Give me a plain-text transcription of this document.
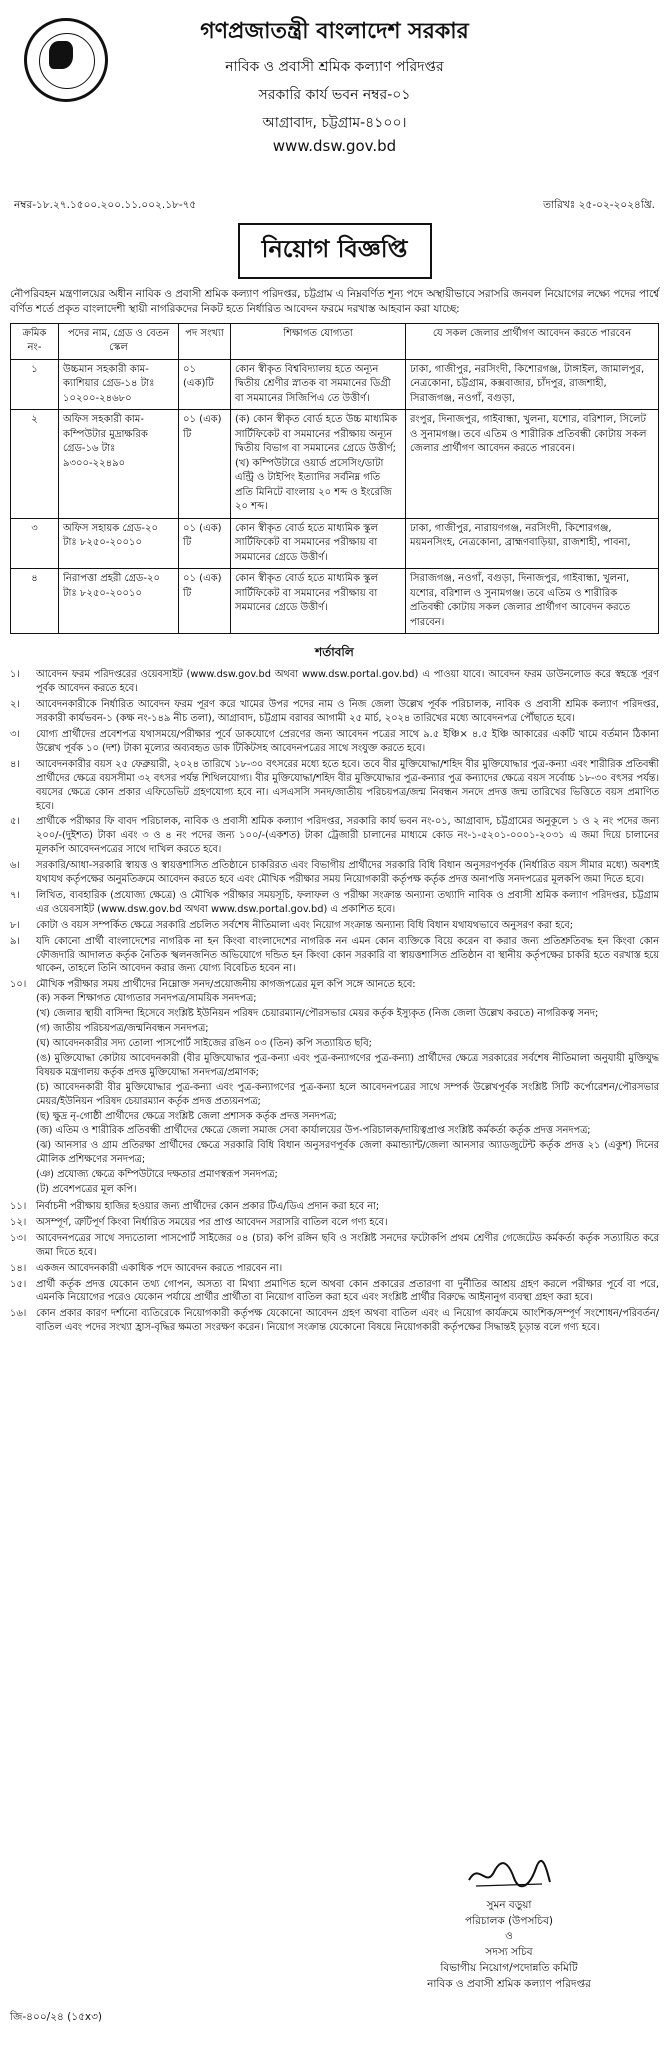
গণপ্রজাতন্ত্রী বাংলাদেশ সরকার
নাবিক ও প্রবাসী শ্রমিক কল্যাণ পরিদপ্তর
সরকারি কার্য ভবন নম্বর-০১
আগ্রাবাদ, চট্টগ্রাম-৪১০০।
www.dsw.gov.bd
নম্বর-১৮.২৭.১৫০০.২০০.১১.০০২.১৮-৭৫	তারিখঃ ২৫-০২-২০২৪খ্রি.
নিয়োগ বিজ্ঞপ্তি
নৌপরিবহন মন্ত্রণালয়ের অধীন নাবিক ও প্রবাসী শ্রমিক কল্যাণ পরিদপ্তর, চট্টগ্রাম এ নিম্নবর্ণিত শূন্য পদে অস্থায়ীভাবে সরাসরি জনবল নিয়োগের লক্ষ্যে পদের পার্শ্বে বর্ণিত শর্তে প্রকৃত বাংলাদেশী স্থায়ী নাগরিকদের নিকট হতে নির্ধারিত আবেদন ফরমে দরখাস্ত আহবান করা যাচ্ছে:
ক্রমিক নং-	পদের নাম, গ্রেড ও বেতন স্কেল	পদ সংখ্যা	শিক্ষাগত যোগ্যতা	যে সকল জেলার প্রার্থীগণ আবেদন করতে পারবেন
১	উচ্চমান সহকারী কাম-ক্যাশিয়ার গ্রেড-১৪ টাঃ ১০২০০-২৪৬৮০	০১ (এক)টি	কোন স্বীকৃত বিশ্ববিদ্যালয় হতে অন্যূন দ্বিতীয় শ্রেণীর স্নাতক বা সমমানের ডিগ্রী বা সমমানের সিজিপিএ তে উত্তীর্ণ।	ঢাকা, গাজীপুর, নরসিংদী, কিশোরগঞ্জ, টাঙ্গাইল, জামালপুর, নেত্রকোনা, চট্টগ্রাম, কক্সবাজার, চাঁদপুর, রাজশাহী, সিরাজগঞ্জ, নওগাঁ, বগুড়া,
২	অফিস সহকারী কাম-কম্পিউটার মুদ্রাক্ষরিক গ্রেড-১৬ টাঃ ৯৩০০-২২৪৯০	০১ (এক) টি	(ক) কোন স্বীকৃত বোর্ড হতে উচ্চ মাধ্যমিক সার্টিফিকেট বা সমমানের পরীক্ষায় অন্যূন দ্বিতীয় বিভাগ বা সমমানের গ্রেডে উত্তীর্ণ; (খ) কম্পিউটারে ওয়ার্ড প্রসেসিং/ডাটা এন্ট্রি ও টাইপিং ইত্যাদির সর্বনিম্ন গতি প্রতি মিনিটে বাংলায় ২০ শব্দ ও ইংরেজি ২০ শব্দ।	রংপুর, দিনাজপুর, গাইবান্ধা, খুলনা, যশোর, বরিশাল, সিলেট ও সুনামগঞ্জ। তবে এতিম ও শারীরিক প্রতিবন্ধী কোটায় সকল জেলার প্রার্থীগণ আবেদন করতে পারবেন।
৩	অফিস সহায়ক গ্রেড-২০ টাঃ ৮২৫০-২০০১০	০১ (এক) টি	কোন স্বীকৃত বোর্ড হতে মাধ্যমিক স্কুল সার্টিফিকেট বা সমমানের পরীক্ষায় বা সমমানের গ্রেডে উত্তীর্ণ।	ঢাকা, গাজীপুর, নারায়ণগঞ্জ, নরসিংদী, কিশোরগঞ্জ, ময়মনসিংহ, নেত্রকোনা, ব্রাহ্মণবাড়িয়া, রাজশাহী, পাবনা,
৪	নিরাপত্তা প্রহরী গ্রেড-২০ টাঃ ৮২৫০-২০০১০	০১ (এক) টি	কোন স্বীকৃত বোর্ড হতে মাধ্যমিক স্কুল সার্টিফিকেট বা সমমানের পরীক্ষায় বা সমমানের গ্রেডে উত্তীর্ণ।	সিরাজগঞ্জ, নওগাঁ, বগুড়া, দিনাজপুর, গাইবান্ধা, খুলনা, যশোর, বরিশাল ও সুনামগঞ্জ। তবে এতিম ও শারীরিক প্রতিবন্ধী কোটায় সকল জেলার প্রার্থীগণ আবেদন করতে পারবেন।
শর্তাবলি
১।	আবেদন ফরম পরিদপ্তরের ওয়েবসাইট (www.dsw.gov.bd অথবা www.dsw.portal.gov.bd) এ পাওয়া যাবে। আবেদন ফরম ডাউনলোড করে স্বহস্তে পূরণ পূর্বক আবেদন করতে হবে।
২।	আবেদনকারীকে নির্ধারিত আবেদন ফরম পূরণ করে খামের উপর পদের নাম ও নিজ জেলা উল্লেখ পূর্বক পরিচালক, নাবিক ও প্রবাসী শ্রমিক কল্যাণ পরিদপ্তর, সরকারী কার্যভবন-১ (কক্ষ নং-১৪৯ নীচ তলা), আগ্রাবাদ, চট্টগ্রাম বরাবর আগামী ২৫ মার্চ, ২০২৪ তারিখের মধ্যে আবেদনপত্র পৌঁছাতে হবে।
৩।	যোগ্য প্রার্থীদের প্রবেশপত্র যথাসময়ে/পরীক্ষার পূর্বে ডাকযোগে প্রেরণের জন্য আবেদন পত্রের সাথে ৯.৫ ইঞ্চি× ৪.৫ ইঞ্চি আকারের একটি খামে বর্তমান ঠিকানা উল্লেখ পূর্বক ১০ (দশ) টাকা মূল্যের অব্যবহৃত ডাক টিকিটসহ আবেদনপত্রের সাথে সংযুক্ত করতে হবে।
৪।	আবেদনকারীর বয়স ২৫ ফেব্রুয়ারী, ২০২৪ তারিখে ১৮-৩০ বৎসরের মধ্যে হতে হবে। তবে বীর মুক্তিযোদ্ধা/শহিদ বীর মুক্তিযোদ্ধার পুত্র-কন্যা এবং শারীরিক প্রতিবন্ধী প্রার্থীদের ক্ষেত্রে বয়সসীমা ৩২ বৎসর পর্যন্ত শিথিলযোগ্য। বীর মুক্তিযোদ্ধা/শহিদ বীর মুক্তিযোদ্ধার পুত্র-কন্যার পুত্র কন্যাদের ক্ষেত্রে বয়স সর্বোচ্চ ১৮-৩০ বৎসর পর্যন্ত। বয়সের ক্ষেত্রে কোন প্রকার এফিডেভিট গ্রহণযোগ্য হবে না। এসএসসি সনদ/জাতীয় পরিচয়পত্র/জন্ম নিবন্ধন সনদে প্রদত্ত জন্ম তারিখের ভিত্তিতে বয়স প্রমাণিত হবে।
৫।	প্রার্থীকে পরীক্ষার ফি বাবদ পরিচালক, নাবিক ও প্রবাসী শ্রমিক কল্যাণ পরিদপ্তর, সরকারি কার্য ভবন নং-০১, আগ্রাবাদ, চট্টগ্রামের অনুকূলে ১ ও ২ নং পদের জন্য ২০০/-(দুইশত) টাকা এবং ৩ ও ৪ নং পদের জন্য ১০০/-(একশত) টাকা ট্রেজারী চালানের মাধ্যমে কোড নং-১-৫২০১-০০০১-২০৩১ এ জমা দিয়ে চালানের মূলকপি আবেদনপত্রের সাথে দাখিল করতে হবে।
৬।	সরকারি/আধা-সরকারি স্বায়ত্ত ও স্বায়ত্তশাসিত প্রতিষ্ঠানে চাকরিরত এবং বিভাগীয় প্রার্থীদের সরকারি বিধি বিধান অনুসরণপূর্বক (নির্ধারিত বয়স সীমার মধ্যে) অবশ্যই যথাযথ কর্তৃপক্ষের অনুমতিক্রমে আবেদন করতে হবে এবং মৌখিক পরীক্ষার সময় নিয়োগকারী কর্তৃপক্ষ কর্তৃক প্রদত্ত অনাপত্তি সনদপত্রের মূলকপি জমা দিতে হবে।
৭।	লিখিত, ব্যবহারিক (প্রযোজ্য ক্ষেত্রে) ও মৌখিক পরীক্ষার সময়সূচি, ফলাফল ও পরীক্ষা সংক্রান্ত অন্যান্য তথ্যাদি নাবিক ও প্রবাসী শ্রমিক কল্যাণ পরিদপ্তর, চট্টগ্রাম এর ওয়েবসাইট (www.dsw.gov.bd অথবা www.dsw.portal.gov.bd) এ প্রকাশিত হবে।
৮।	কোটা ও বয়স সম্পর্কিত ক্ষেত্রে সরকারি প্রচলিত সর্বশেষ নীতিমালা এবং নিয়োগ সংক্রান্ত অন্যান্য বিধি বিধান যথাযথভাবে অনুসরণ করা হবে;
৯।	যদি কোনো প্রার্থী বাংলাদেশের নাগরিক না হন কিংবা বাংলাদেশের নাগরিক নন এমন কোন ব্যক্তিকে বিয়ে করেন বা করার জন্য প্রতিশ্রুতিবদ্ধ হন কিংবা কোন ফৌজদারি আদালত কর্তৃক নৈতিক স্খলনজনিত অভিযোগে দন্ডিত হন কিংবা কোন সরকারি বা স্বায়ত্তশাসিত প্রতিষ্ঠান বা স্থানীয় কর্তৃপক্ষের চাকরি হতে বরখাস্ত হয়ে থাকেন, তাহলে তিনি আবেদন করার জন্য যোগ্য বিবেচিত হবেন না।
১০। মৌখিক পরীক্ষার সময় প্রার্থীদের নিম্নোক্ত সনদ/প্রয়োজনীয় কাগজপত্রের মূল কপি সঙ্গে আনতে হবে:
(ক) সকল শিক্ষাগত যোগ্যতার সনদপত্র/সাময়িক সনদপত্র;
(খ) জেলার স্থায়ী বাসিন্দা হিসেবে সংশ্লিষ্ট ইউনিয়ন পরিষদ চেয়ারম্যান/পৌরসভার মেয়র কর্তৃক ইস্যুকৃত (নিজ জেলা উল্লেখ করতে) নাগরিকত্ব সনদ;
(গ) জাতীয় পরিচয়পত্র/জন্মনিবন্ধন সনদপত্র;
(ঘ) আবেদনকারীর সদ্য তোলা পাসপোর্ট সাইজের রঙিন ০৩ (তিন) কপি সত্যায়িত ছবি;
(ঙ) মুক্তিযোদ্ধা কোটায় আবেদনকারী (বীর মুক্তিযোদ্ধার পুত্র-কন্যা এবং পুত্র-কন্যাগণের পুত্র-কন্যা) প্রার্থীদের ক্ষেত্রে সরকারের সর্বশেষ নীতিমালা অনুযায়ী মুক্তিযুদ্ধ বিষয়ক মন্ত্রণালয় কর্তৃক প্রদত্ত মুক্তিযোদ্ধা সনদপত্র/প্রমাণক;
(চ) আবেদনকারী বীর মুক্তিযোদ্ধার পুত্র-কন্যা এবং পুত্র-কন্যাগণের পুত্র-কন্যা হলে আবেদনপত্রের সাথে সম্পর্ক উল্লেখপূর্বক সংশ্লিষ্ট সিটি কর্পোরেশন/পৌরসভার মেয়র/ইউনিয়ন পরিষদ চেয়ারম্যান কর্তৃক প্রদত্ত প্রত্যয়নপত্র;
(ছ) ক্ষুদ্র নৃ-গোষ্ঠী প্রার্থীদের ক্ষেত্রে সংশ্লিষ্ট জেলা প্রশাসক কর্তৃক প্রদত্ত সনদপত্র;
(জ) এতিম ও শারীরিক প্রতিবন্ধী প্রার্থীদের ক্ষেত্রে জেলা সমাজ সেবা কার্যালয়ের উপ-পরিচালক/দায়িত্বপ্রাপ্ত সংশ্লিষ্ট কর্মকর্তা কর্তৃক প্রদত্ত সনদপত্র;
(ঝ) আনসার ও গ্রাম প্রতিরক্ষা প্রার্থীদের ক্ষেত্রে সরকারি বিধি বিধান অনুসরণপূর্বক জেলা কমান্ড্যান্ট/জেলা আনসার অ্যাডজুটেন্ট কর্তৃক প্রদত্ত ২১ (একুশ) দিনের মৌলিক প্রশিক্ষণের সনদপত্র;
(ঞ) প্রযোজ্য ক্ষেত্রে কম্পিউটারে দক্ষতার প্রমাণস্বরূপ সনদপত্র;
(ট) প্রবেশপত্রের মূল কপি।
১১। নির্বাচনী পরীক্ষায় হাজির হওয়ার জন্য প্রার্থীদের কোন প্রকার টিএ/ডিএ প্রদান করা হবে না;
১২। অসম্পূর্ণ, ত্রুটিপূর্ণ কিংবা নির্ধারিত সময়ের পর প্রাপ্ত আবেদন সরাসরি বাতিল বলে গণ্য হবে।
১৩। আবেদনপত্রের সাথে সদ্যতোলা পাসপোর্ট সাইজের ০৪ (চার) কপি রঙ্গিন ছবি ও সংশ্লিষ্ট সনদের ফটোকপি প্রথম শ্রেণীর গেজেটেড কর্মকর্তা কর্তৃক সত্যায়িত করে জমা দিতে হবে।
১৪। একজন আবেদনকারী একাধিক পদে আবেদন করতে পারবেন না।
১৫। প্রার্থী কর্তৃক প্রদত্ত যেকোন তথ্য গোপন, অসত্য বা মিথ্যা প্রমাণিত হলে অথবা কোন প্রকারের প্রতারণা বা দুর্নীতির আশ্রয় গ্রহণ করলে পরীক্ষার পূর্বে বা পরে, এমনকি নিয়োগের পরেও যেকোন পর্যায়ে প্রার্থীর প্রার্থীতা বা নিয়োগ বাতিল করা হবে এবং সংশ্লিষ্ট প্রার্থীর বিরুদ্ধে আইনানুগ ব্যবস্থা গ্রহণ করা হবে।
১৬। কোন প্রকার কারণ দর্শানো ব্যতিরেকে নিয়োগকারী কর্তৃপক্ষ যেকোনো আবেদন গ্রহণ অথবা বাতিল এবং এ নিয়োগ কার্যক্রমে আংশিক/সম্পূর্ণ সংশোধন/পরিবর্তন/বাতিল এবং পদের সংখ্যা হ্রাস-বৃদ্ধির ক্ষমতা সংরক্ষণ করেন। নিয়োগ সংক্রান্ত যেকোনো বিষয়ে নিয়োগকারী কর্তৃপক্ষের সিদ্ধান্তই চূড়ান্ত বলে গণ্য হবে।
সুমন বড়ুয়া
পরিচালক (উপসচিব)
ও
সদস্য সচিব
বিভাগীয় নিয়োগ/পদোন্নতি কমিটি
নাবিক ও প্রবাসী শ্রমিক কল্যাণ পরিদপ্তর
জি-৪০০/২৪ (১৫x৩)
